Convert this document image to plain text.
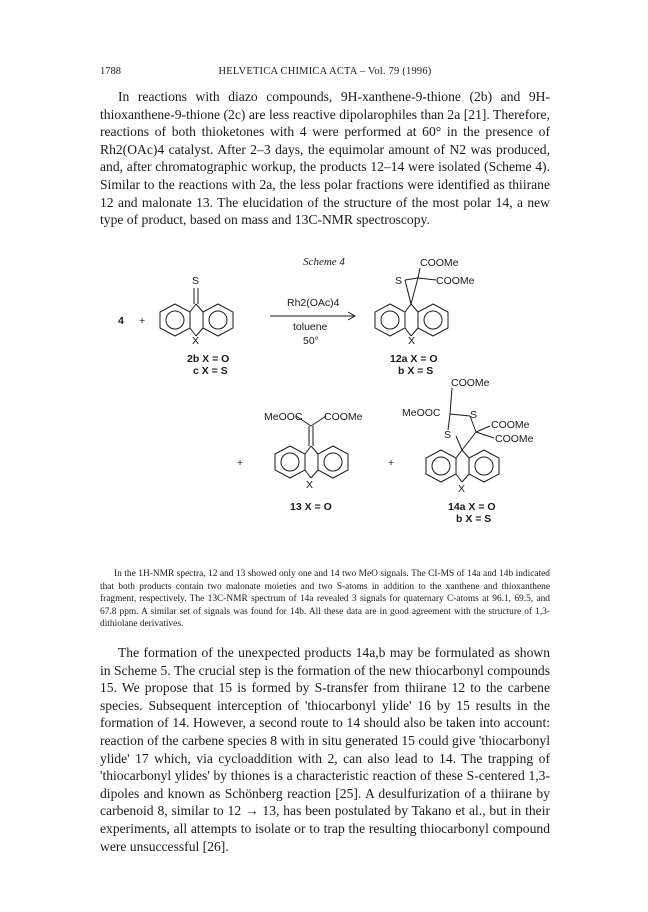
1788	HELVETICA CHIMICA ACTA – Vol. 79 (1996)

In reactions with diazo compounds, 9H-xanthene-9-thione (2b) and 9H-thioxanthene-9-thione (2c) are less reactive dipolarophiles than 2a [21]. Therefore, reactions of both thioketones with 4 were performed at 60° in the presence of Rh2(OAc)4 catalyst. After 2–3 days, the equimolar amount of N2 was produced, and, after chromatographic workup, the products 12–14 were isolated (Scheme 4). Similar to the reactions with 2a, the less polar fractions were identified as thiirane 12 and malonate 13. The elucidation of the structure of the most polar 14, a new type of product, based on mass and 13C-NMR spectroscopy.

Scheme 4
4 +
S
X
Rh2(OAc)4
toluene
50°
COOMe
S	COOMe
X
2b X = O
c X = S
12a X = O
b X = S
MeOOC COOMe
+
X
+
COOMe
MeOOC	S
S
COOMe
COOMe
X
13 X = O	14a X = O
b X = S

In the 1H-NMR spectra, 12 and 13 showed only one and 14 two MeO signals. The CI-MS of 14a and 14b indicated that both products contain two malonate moieties and two S-atoms in addition to the xanthene and thioxanthene fragment, respectively. The 13C-NMR spectrum of 14a revealed 3 signals for quaternary C-atoms at 96.1, 69.5, and 67.8 ppm. A similar set of signals was found for 14b. All these data are in good agreement with the structure of 1,3-dithiolane derivatives.

The formation of the unexpected products 14a,b may be formulated as shown in Scheme 5. The crucial step is the formation of the new thiocarbonyl compounds 15. We propose that 15 is formed by S-transfer from thiirane 12 to the carbene species. Subsequent interception of 'thiocarbonyl ylide' 16 by 15 results in the formation of 14. However, a second route to 14 should also be taken into account: reaction of the carbene species 8 with in situ generated 15 could give 'thiocarbonyl ylide' 17 which, via cycloaddition with 2, can also lead to 14. The trapping of 'thiocarbonyl ylides' by thiones is a characteristic reaction of these S-centered 1,3-dipoles and known as Schönberg reaction [25]. A desulfurization of a thiirane by carbenoid 8, similar to 12 → 13, has been postulated by Takano et al., but in their experiments, all attempts to isolate or to trap the resulting thiocarbonyl compound were unsuccessful [26].
